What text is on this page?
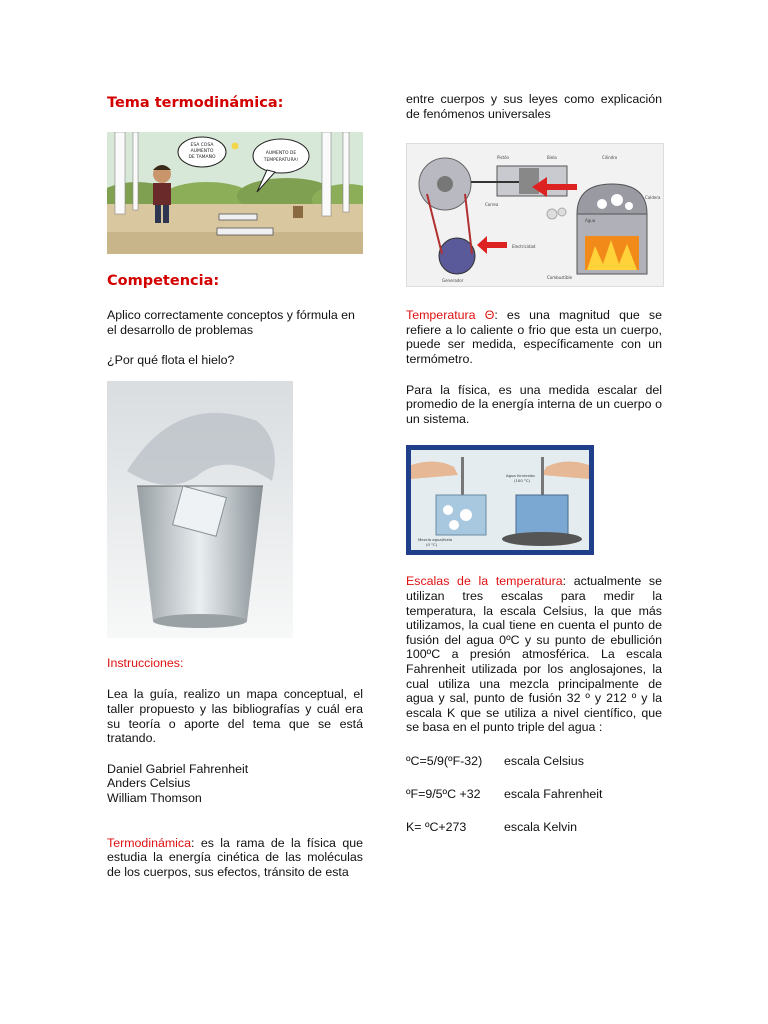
Tema termodinámica:
ESA COSA
AUMENTO
DE TAMAÑO
AUMENTO DE
TEMPERATURA!
Competencia:

Aplico correctamente conceptos y fórmula en el desarrollo de problemas

¿Por qué flota el hielo?

Instrucciones:

Lea la guía, realizo un mapa conceptual, el taller propuesto y las bibliografías y cuál era su teoría o aporte del tema que se está tratando.

Daniel Gabriel Fahrenheit

Anders Celsius

William Thomson

Termodinámica: es la rama de la física que estudia la energía cinética de las moléculas de los cuerpos, sus efectos, tránsito de esta

entre cuerpos y sus leyes como explicación de fenómenos universales

Pistón	Biela	Cilindro
Correa
Caldera
Agua
Electricidad
Generador
Combustible

Temperatura Θ: es una magnitud que se refiere a lo caliente o frio que esta un cuerpo, puede ser medida, específicamente con un termómetro.

Para la física, es una medida escalar del promedio de la energía interna de un cuerpo o un sistema.

Agua hirviendo
(100 °C)
Mezcla agua/hielo
(0 °C)

Escalas de la temperatura: actualmente se utilizan tres escalas para medir la temperatura, la escala Celsius, la que más utilizamos, la cual tiene en cuenta el punto de fusión del agua 0ºC y su punto de ebullición 100ºC a presión atmosférica. La escala Fahrenheit utilizada por los anglosajones, la cual utiliza una mezcla principalmente de agua y sal, punto de fusión 32 º y 212 º y la escala K que se utiliza a nivel científico, que se basa en el punto triple del agua :

ºC=5/9(ºF-32)	escala Celsius
ºF=9/5ºC +32	escala Fahrenheit
K= ºC+273	escala Kelvin
